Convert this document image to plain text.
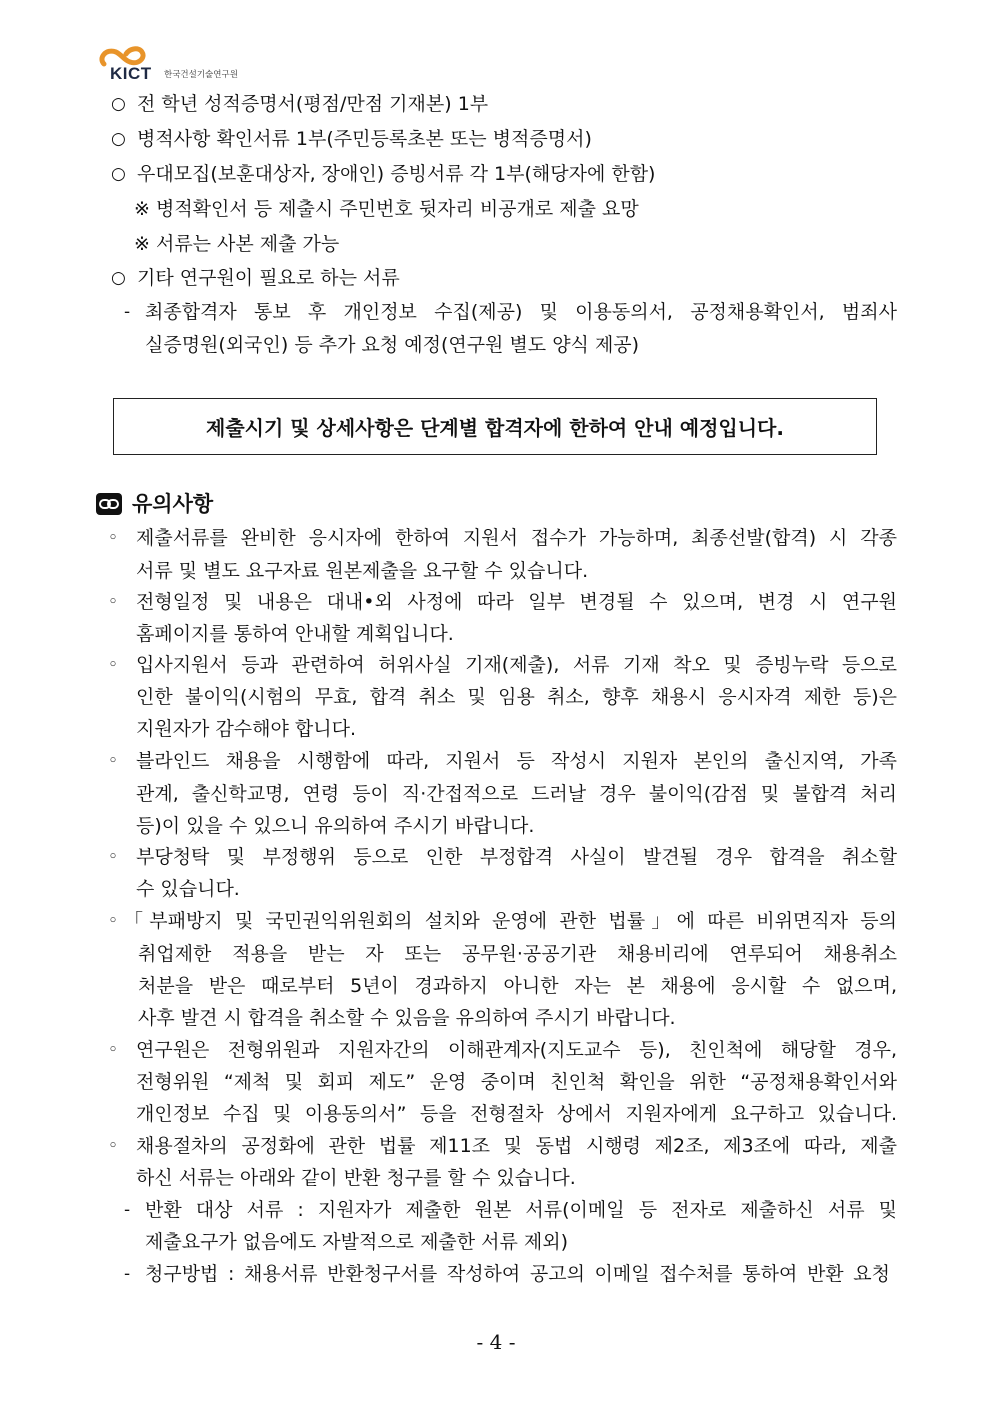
KICT 한국건설기술연구원
○ 전 학년 성적증명서(평점/만점 기재본) 1부
○ 병적사항 확인서류 1부(주민등록초본 또는 병적증명서)
○ 우대모집(보훈대상자, 장애인) 증빙서류 각 1부(해당자에 한함)
※ 병적확인서 등 제출시 주민번호 뒷자리 비공개로 제출 요망
※ 서류는 사본 제출 가능
○ 기타 연구원이 필요로 하는 서류
- 최종합격자 통보 후 개인정보 수집(제공) 및 이용동의서, 공정채용확인서, 범죄사
실증명원(외국인) 등 추가 요청 예정(연구원 별도 양식 제공)
제출시기 및 상세사항은 단계별 합격자에 한하여 안내 예정입니다.
유의사항
◦ 제출서류를 완비한 응시자에 한하여 지원서 접수가 가능하며, 최종선발(합격) 시 각종
서류 및 별도 요구자료 원본제출을 요구할 수 있습니다.
◦ 전형일정 및 내용은 대내•외 사정에 따라 일부 변경될 수 있으며, 변경 시 연구원
홈페이지를 통하여 안내할 계획입니다.
◦ 입사지원서 등과 관련하여 허위사실 기재(제출), 서류 기재 착오 및 증빙누락 등으로
인한 불이익(시험의 무효, 합격 취소 및 임용 취소, 향후 채용시 응시자격 제한 등)은
지원자가 감수해야 합니다.
◦ 블라인드 채용을 시행함에 따라, 지원서 등 작성시 지원자 본인의 출신지역, 가족
관계, 출신학교명, 연령 등이 직·간접적으로 드러날 경우 불이익(감점 및 불합격 처리
등)이 있을 수 있으니 유의하여 주시기 바랍니다.
◦ 부당청탁 및 부정행위 등으로 인한 부정합격 사실이 발견될 경우 합격을 취소할
수 있습니다.
◦ 「부패방지 및 국민권익위원회의 설치와 운영에 관한 법률」에 따른 비위면직자 등의
취업제한 적용을 받는 자 또는 공무원·공공기관 채용비리에 연루되어 채용취소
처분을 받은 때로부터 5년이 경과하지 아니한 자는 본 채용에 응시할 수 없으며,
사후 발견 시 합격을 취소할 수 있음을 유의하여 주시기 바랍니다.
◦ 연구원은 전형위원과 지원자간의 이해관계자(지도교수 등), 친인척에 해당할 경우,
전형위원 “제척 및 회피 제도” 운영 중이며 친인척 확인을 위한 “공정채용확인서와
개인정보 수집 및 이용동의서” 등을 전형절차 상에서 지원자에게 요구하고 있습니다.
◦ 채용절차의 공정화에 관한 법률 제11조 및 동법 시행령 제2조, 제3조에 따라, 제출
하신 서류는 아래와 같이 반환 청구를 할 수 있습니다.
- 반환 대상 서류 : 지원자가 제출한 원본 서류(이메일 등 전자로 제출하신 서류 및
제출요구가 없음에도 자발적으로 제출한 서류 제외)
- 청구방법 : 채용서류 반환청구서를 작성하여 공고의 이메일 접수처를 통하여 반환 요청
- 4 -
